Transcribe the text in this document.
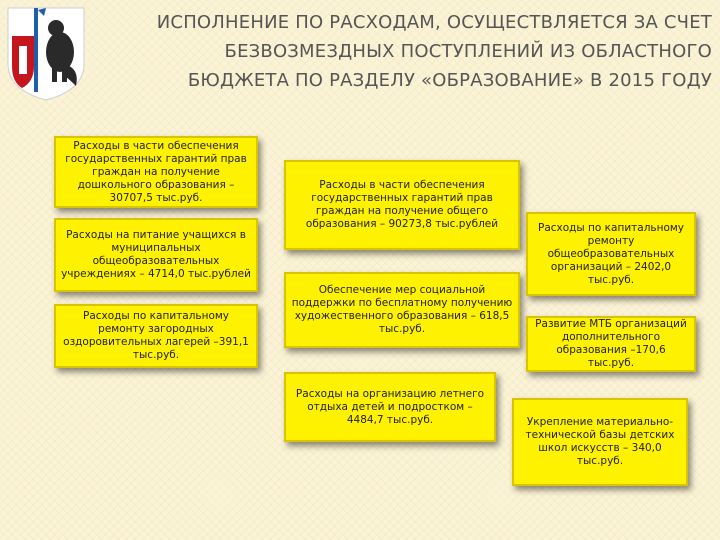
ИСПОЛНЕНИЕ ПО РАСХОДАМ, ОСУЩЕСТВЛЯЕТСЯ ЗА СЧЕТ
БЕЗВОЗМЕЗДНЫХ ПОСТУПЛЕНИЙ ИЗ ОБЛАСТНОГО
БЮДЖЕТА ПО РАЗДЕЛУ «ОБРАЗОВАНИЕ» В 2015 ГОДУ
Расходы в части обеспечения государственных гарантий прав граждан на получение дошкольного образования – 30707,5 тыс.руб.
Расходы на питание учащихся в муниципальных общеобразовательных учреждениях – 4714,0 тыс.рублей
Расходы по капитальному ремонту загородных оздоровительных лагерей –391,1 тыс.руб.
Расходы в части обеспечения государственных гарантий прав граждан на получение общего образования – 90273,8 тыс.рублей
Обеспечение мер социальной поддержки по бесплатному получению художественного образования – 618,5 тыс.руб.
Расходы на организацию летнего отдыха детей и подростком – 4484,7 тыс.руб.
Расходы по капитальному ремонту общеобразовательных организаций – 2402,0 тыс.руб.
Развитие МТБ организаций дополнительного образования –170,6 тыс.руб.
Укрепление материально-технической базы детских школ искусств – 340,0 тыс.руб.
